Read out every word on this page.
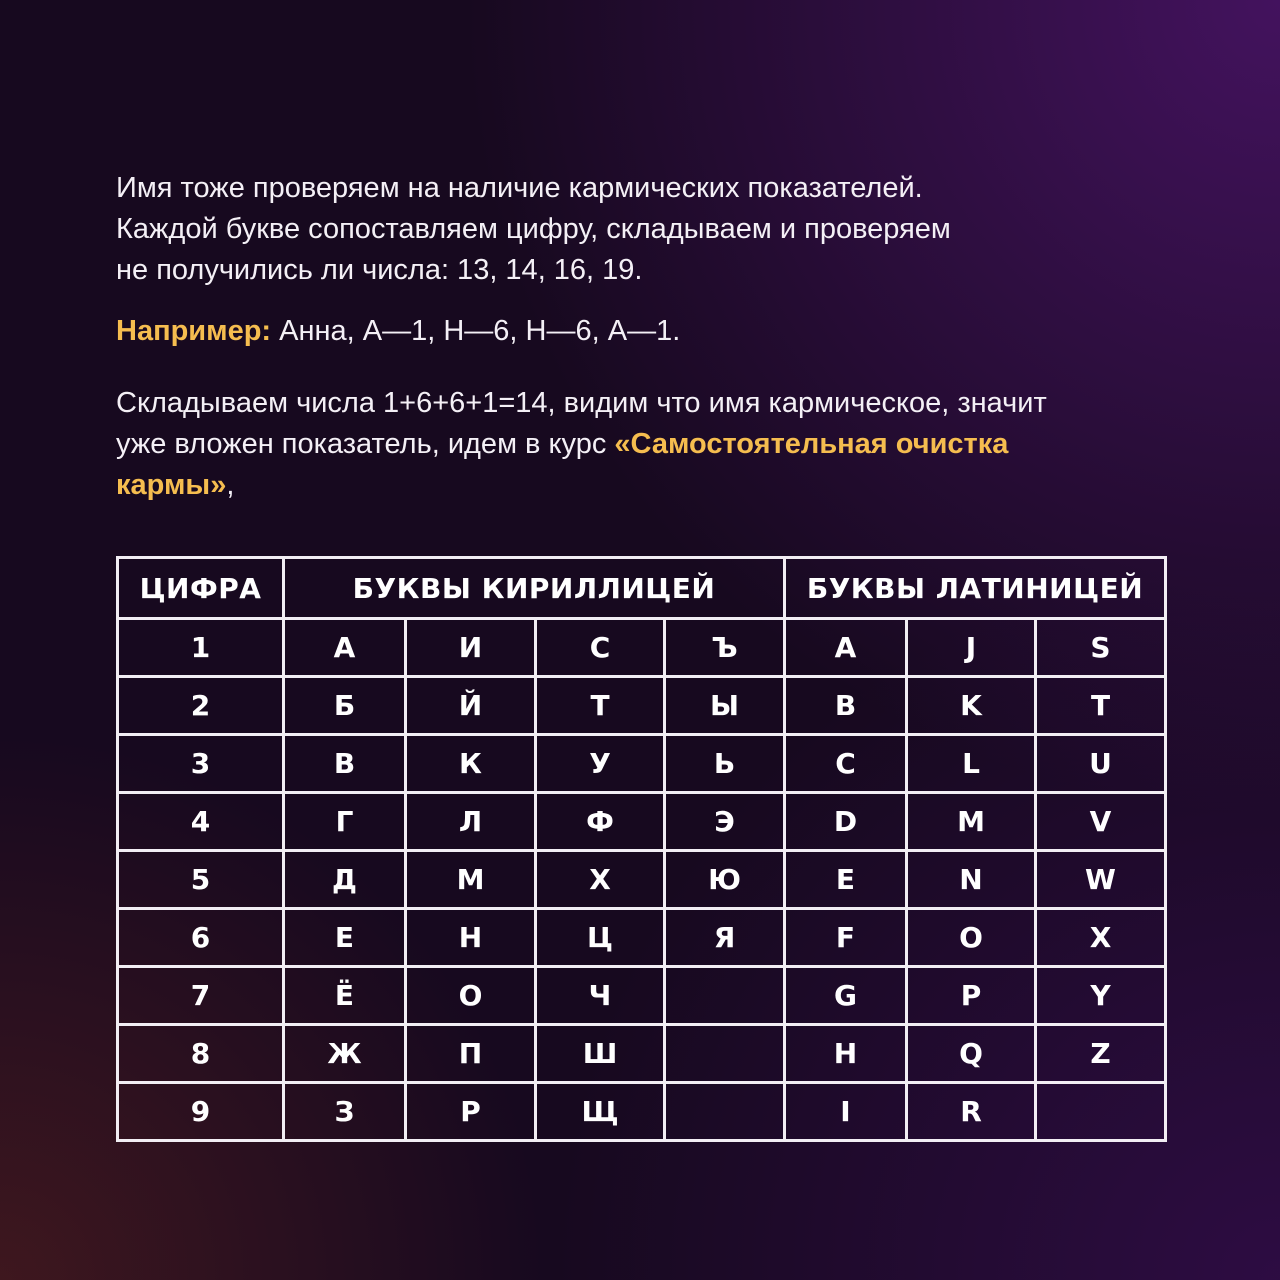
Имя тоже проверяем на наличие кармических показателей.
Каждой букве сопоставляем цифру, складываем и проверяем
не получились ли числа: 13, 14, 16, 19.

Например: Анна, А—1, Н—6, Н—6, А—1.

Складываем числа 1+6+6+1=14, видим что имя кармическое, значит
уже вложен показатель, идем в курс «Самостоятельная очистка
кармы»,

ЦИФРА	БУКВЫ КИРИЛЛИЦЕЙ				БУКВЫ ЛАТИНИЦЕЙ		
1	А	И	С	Ъ	A	J	S
2	Б	Й	Т	Ы	B	K	T
3	В	К	У	Ь	C	L	U
4	Г	Л	Ф	Э	D	M	V
5	Д	М	Х	Ю	E	N	W
6	Е	Н	Ц	Я	F	O	X
7	Ё	О	Ч		G	P	Y
8	Ж	П	Ш		H	Q	Z
9	З	Р	Щ		I	R	
